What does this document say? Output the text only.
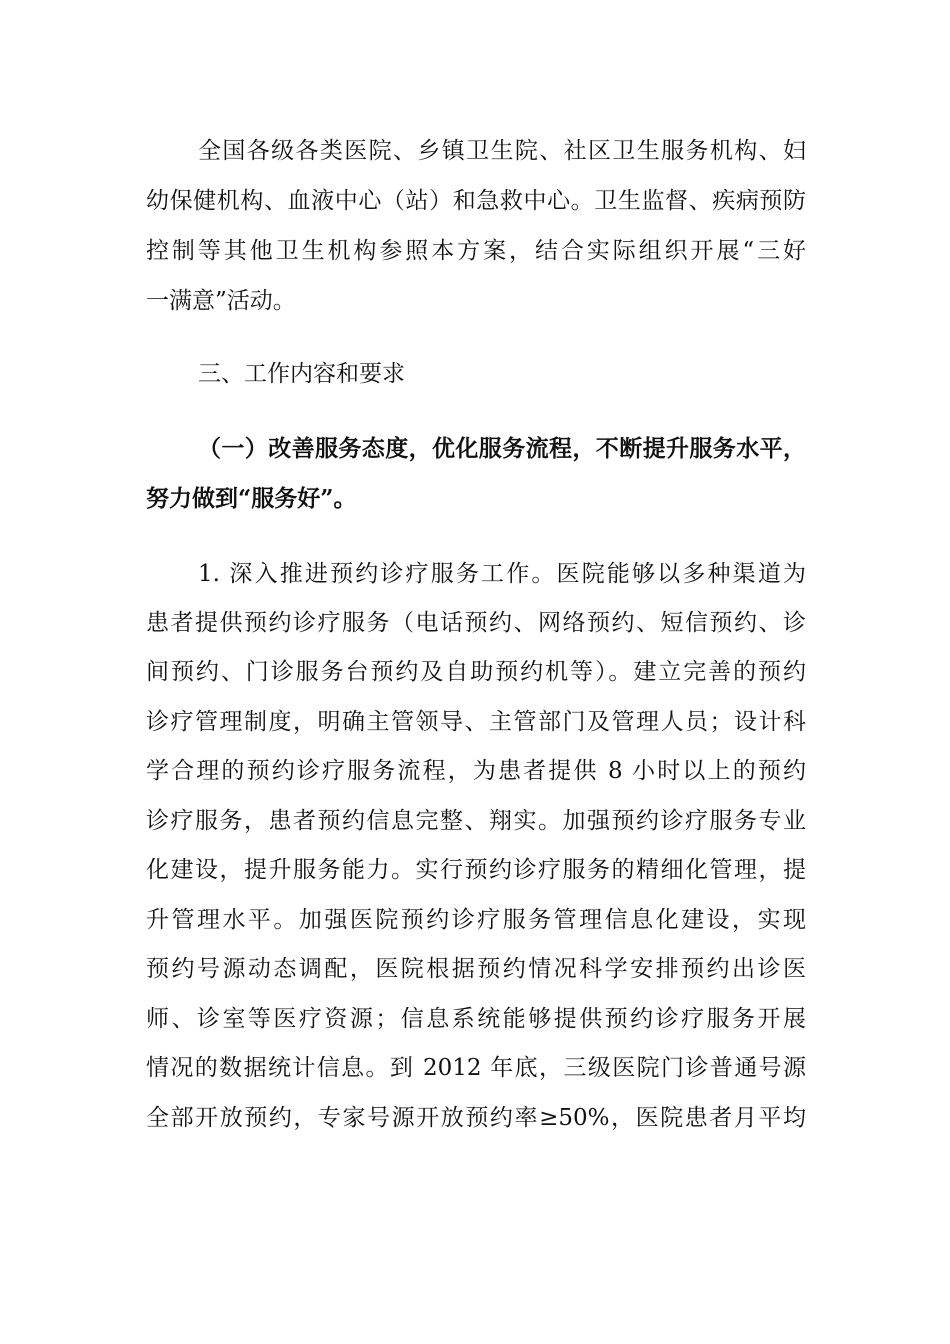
全国各级各类医院、乡镇卫生院、社区卫生服务机构、妇
幼保健机构、血液中心（站）和急救中心。卫生监督、疾病预防
控制等其他卫生机构参照本方案，结合实际组织开展“三好
一满意”活动。
三、工作内容和要求
（一）改善服务态度，优化服务流程，不断提升服务水平，
努力做到“服务好”。
1. 深入推进预约诊疗服务工作。医院能够以多种渠道为
患者提供预约诊疗服务（电话预约、网络预约、短信预约、诊
间预约、门诊服务台预约及自助预约机等）。建立完善的预约
诊疗管理制度，明确主管领导、主管部门及管理人员；设计科
学合理的预约诊疗服务流程，为患者提供 8 小时以上的预约
诊疗服务，患者预约信息完整、翔实。加强预约诊疗服务专业
化建设，提升服务能力。实行预约诊疗服务的精细化管理，提
升管理水平。加强医院预约诊疗服务管理信息化建设，实现
预约号源动态调配，医院根据预约情况科学安排预约出诊医
师、诊室等医疗资源；信息系统能够提供预约诊疗服务开展
情况的数据统计信息。到 2012 年底，三级医院门诊普通号源
全部开放预约，专家号源开放预约率≥50%，医院患者月平均
